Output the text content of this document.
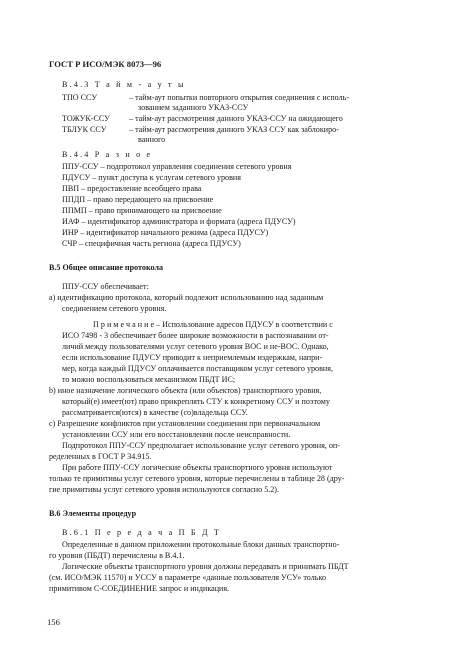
ГОСТ Р ИСО/МЭК 8073—96
B.4.3 Т а й м - а у т ы
ТПО ССУ	– тайм-аут попытки повторного открытия соединения с исполь-
зованием заданного УКАЗ-ССУ
ТОЖУК-ССУ – тайм-аут рассмотрения данного УКАЗ-ССУ на ожидающего
ТБЛУК ССУ	– тайм-аут рассмотрения данного УКАЗ ССУ как заблокиро-
ванного
B.4.4 Р а з н о е
ППУ-ССУ – подпротокол управления соединения сетевого уровня
ПДУСУ – пункт доступа к услугам сетевого уровня
ПВП – предоставление всеобщего права
ППДП – право передающего на присвоение
ППМП – право принимающего на присвоение
ИАФ – идентификатор администратора и формата (адреса ПДУСУ)
ИНР – идентификатор начального режима (адреса ПДУСУ)
СЧР – специфичная часть региона (адреса ПДУСУ)
B.5 Общее описание протокола
ППУ-ССУ обеспечивает:
a) идентификацию протокола, который подлежит использованию над заданным
соединением сетевого уровня.
П р и м е ч а н и е – Использование адресов ПДУСУ в соответствии с
ИСО 7498 - 3 обеспечивает более широкие возможности в распознавании от-
личий между пользователями услуг сетевого уровня ВОС и не-ВОС. Однако,
если использование ПДУСУ приводит к неприемлемым издержкам, напри-
мер, когда каждый ПДУСУ оплачивается поставщиком услуг сетевого уровня,
то можно воспользоваться механизмом ПБДТ ИС;
b) иное назначение логического объекта (или объектов) транспортного уровня,
который(е) имеет(ют) право прикреплять СТУ к конкретному ССУ и поэтому
рассматривается(ются) в качестве (со)владельца ССУ.
c) Разрешение конфликтов при установлении соединения при первоначальном
установлении ССУ или его восстановлении после неисправности.
Подпротокол ППУ-ССУ предполагает использование услуг сетевого уровня, оп-
ределенных в ГОСТ Р 34.915.
При работе ППУ-ССУ логические объекты транспортного уровня используют
только те примитивы услуг сетевого уровня, которые перечислены в таблице 28 (дру-
гие примитивы услуг сетевого уровня используются согласно 5.2).
B.6 Элементы процедур
B.6.1 П е р е д а ч а П Б Д Т
Определенные в данном приложении протокольные блоки данных транспортно-
го уровня (ПБДТ) перечислены в B.4.1.
Логические объекты транспортного уровня должны передавать и принимать ПБДТ
(см. ИСО/МЭК 11570) и УССУ в параметре «данные пользователя УСУ» только
примитивом С-СОЕДИНЕНИЕ запрос и индикация.
156
